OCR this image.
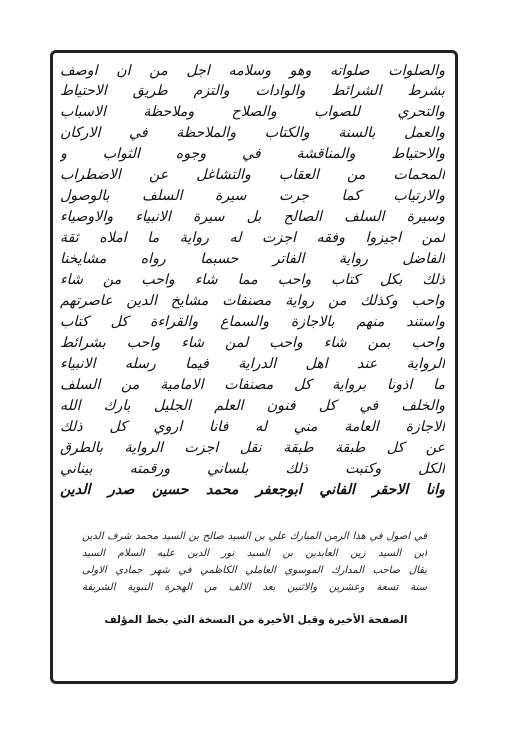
والصلوات صلواته وهو وسلامه اجل من ان اوصف
بشرط الشرائط والوادات والتزم طريق الاحتياط
والتحري للصواب والصلاح وملاحظة الاسباب
والعمل بالسنة والكتاب والملاحظة في الاركان
والاحتياط والمناقشة في وجوه الثواب و
المحمات من العقاب والتشاغل عن الاضطراب
والارتياب كما جرت سيرة السلف بالوصول
وسيرة السلف الصالح بل سيرة الانبياء والاوصياء
لمن اجيزوا وفقه اجزت له رواية ما املاه ثقة
الفاضل رواية الفاتر حسبما رواه مشايخنا
ذلك بكل كتاب واحب مما شاء واحب من شاء
واحب وكذلك من رواية مصنفات مشايخ الدين عاصرتهم
واستند منهم بالاجازة والسماع والقراءة كل كتاب
واحب بمن شاء واحب لمن شاء واحب بشرائط
الرواية عند اهل الدراية فيما رسله الانبياء
ما اذونا برواية كل مصنفات الامامية من السلف
والخلف في كل فنون العلم الجليل بارك الله
الاجازة العامة مني له فانا اروي كل ذلك
عن كل طبقة طبقة نقل اجزت الرواية بالطرق
الكل وكتبت ذلك بلساني ورقمته بيناني
وانا الاحقر الفاني ابوجعفر محمد حسين صدر الدين
في اصول في هذا الزمن المبارك علي بن السيد صالح بن السيد محمد شرف الدين
ابن السيد زين العابدين بن السيد نور الدين عليه السلام السيد
يقال صاحب المدارك الموسوي العاملي الكاظمي في شهر جمادي الاولى
سنة تسعة وعشرين والاثنين بعد الالف من الهجرة النبوية الشريفة
الصفحة الأخيرة وقبل الأخيرة من النسخة التي بخط المؤلف
